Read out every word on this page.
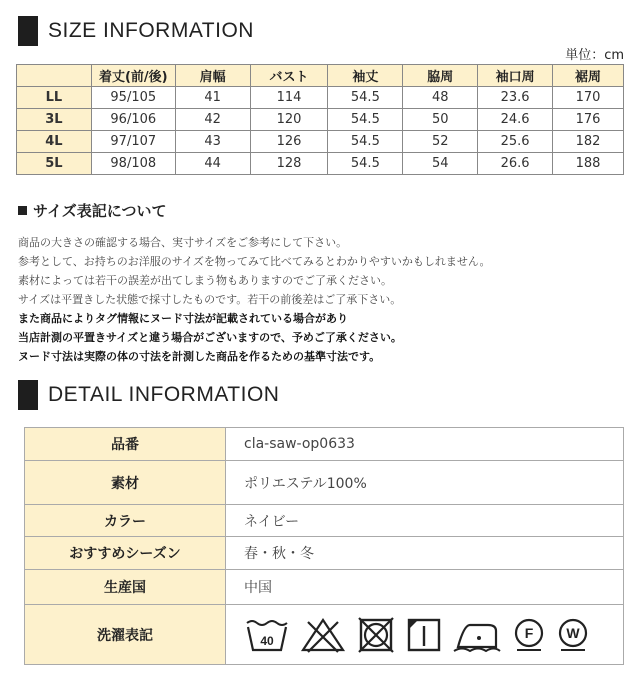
SIZE INFORMATION
単位：cm
	着丈(前/後)	肩幅	バスト	袖丈	脇周	袖口周	裾周
LL	95/105	41	114	54.5	48	23.6	170
3L	96/106	42	120	54.5	50	24.6	176
4L	97/107	43	126	54.5	52	25.6	182
5L	98/108	44	128	54.5	54	26.6	188
サイズ表記について
商品の大きさの確認する場合、実寸サイズをご参考にして下さい。
参考として、お持ちのお洋服のサイズを物ってみて比べてみるとわかりやすいかもしれません。
素材によっては若干の誤差が出てしまう物もありますのでご了承ください。
サイズは平置きした状態で採寸したものです。若干の前後差はご了承下さい。
また商品によりタグ情報にヌード寸法が記載されている場合があり
当店計測の平置きサイズと違う場合がございますので、予めご了承ください。
ヌード寸法は実際の体の寸法を計測した商品を作るための基準寸法です。
DETAIL INFORMATION
品番	cla-saw-op0633
素材	ポリエステル100%
カラー	ネイビー
おすすめシーズン	春・秋・冬
生産国	中国
洗濯表記	40 F W
